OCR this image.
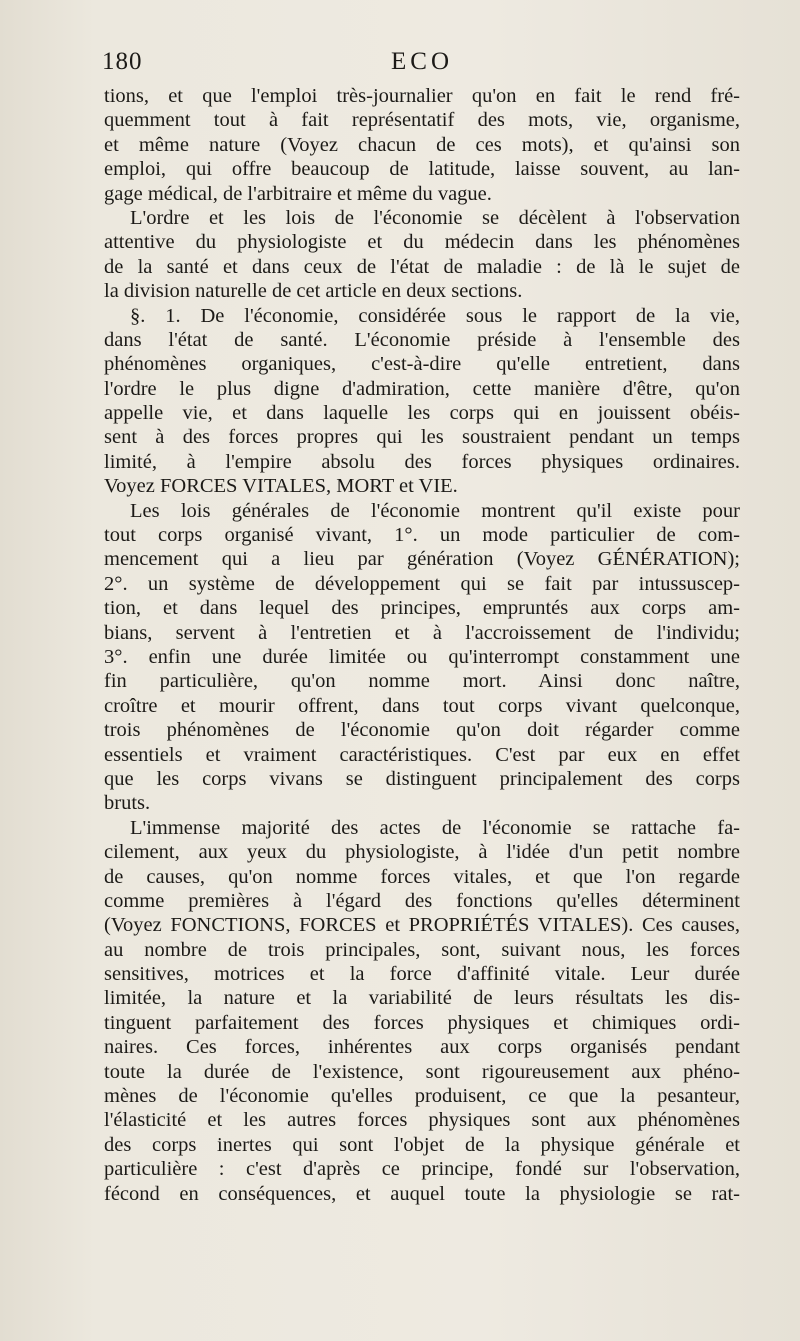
180	ECO
tions, et que l'emploi très-journalier qu'on en fait le rend fré-
quemment tout à fait représentatif des mots, vie, organisme,
et même nature (Voyez chacun de ces mots), et qu'ainsi son
emploi, qui offre beaucoup de latitude, laisse souvent, au lan-
gage médical, de l'arbitraire et même du vague.
L'ordre et les lois de l'économie se décèlent à l'observation
attentive du physiologiste et du médecin dans les phénomènes
de la santé et dans ceux de l'état de maladie : de là le sujet de
la division naturelle de cet article en deux sections.
§. 1. De l'économie, considérée sous le rapport de la vie,
dans l'état de santé. L'économie préside à l'ensemble des
phénomènes organiques, c'est-à-dire qu'elle entretient, dans
l'ordre le plus digne d'admiration, cette manière d'être, qu'on
appelle vie, et dans laquelle les corps qui en jouissent obéis-
sent à des forces propres qui les soustraient pendant un temps
limité, à l'empire absolu des forces physiques ordinaires.
Voyez FORCES VITALES, MORT et VIE.
Les lois générales de l'économie montrent qu'il existe pour
tout corps organisé vivant, 1°. un mode particulier de com-
mencement qui a lieu par génération (Voyez GÉNÉRATION);
2°. un système de développement qui se fait par intussuscep-
tion, et dans lequel des principes, empruntés aux corps am-
bians, servent à l'entretien et à l'accroissement de l'individu;
3°. enfin une durée limitée ou qu'interrompt constamment une
fin particulière, qu'on nomme mort. Ainsi donc naître,
croître et mourir offrent, dans tout corps vivant quelconque,
trois phénomènes de l'économie qu'on doit régarder comme
essentiels et vraiment caractéristiques. C'est par eux en effet
que les corps vivans se distinguent principalement des corps
bruts.
L'immense majorité des actes de l'économie se rattache fa-
cilement, aux yeux du physiologiste, à l'idée d'un petit nombre
de causes, qu'on nomme forces vitales, et que l'on regarde
comme premières à l'égard des fonctions qu'elles déterminent
(Voyez FONCTIONS, FORCES et PROPRIÉTÉS VITALES). Ces causes,
au nombre de trois principales, sont, suivant nous, les forces
sensitives, motrices et la force d'affinité vitale. Leur durée
limitée, la nature et la variabilité de leurs résultats les dis-
tinguent parfaitement des forces physiques et chimiques ordi-
naires. Ces forces, inhérentes aux corps organisés pendant
toute la durée de l'existence, sont rigoureusement aux phéno-
mènes de l'économie qu'elles produisent, ce que la pesanteur,
l'élasticité et les autres forces physiques sont aux phénomènes
des corps inertes qui sont l'objet de la physique générale et
particulière : c'est d'après ce principe, fondé sur l'observation,
fécond en conséquences, et auquel toute la physiologie se rat-
